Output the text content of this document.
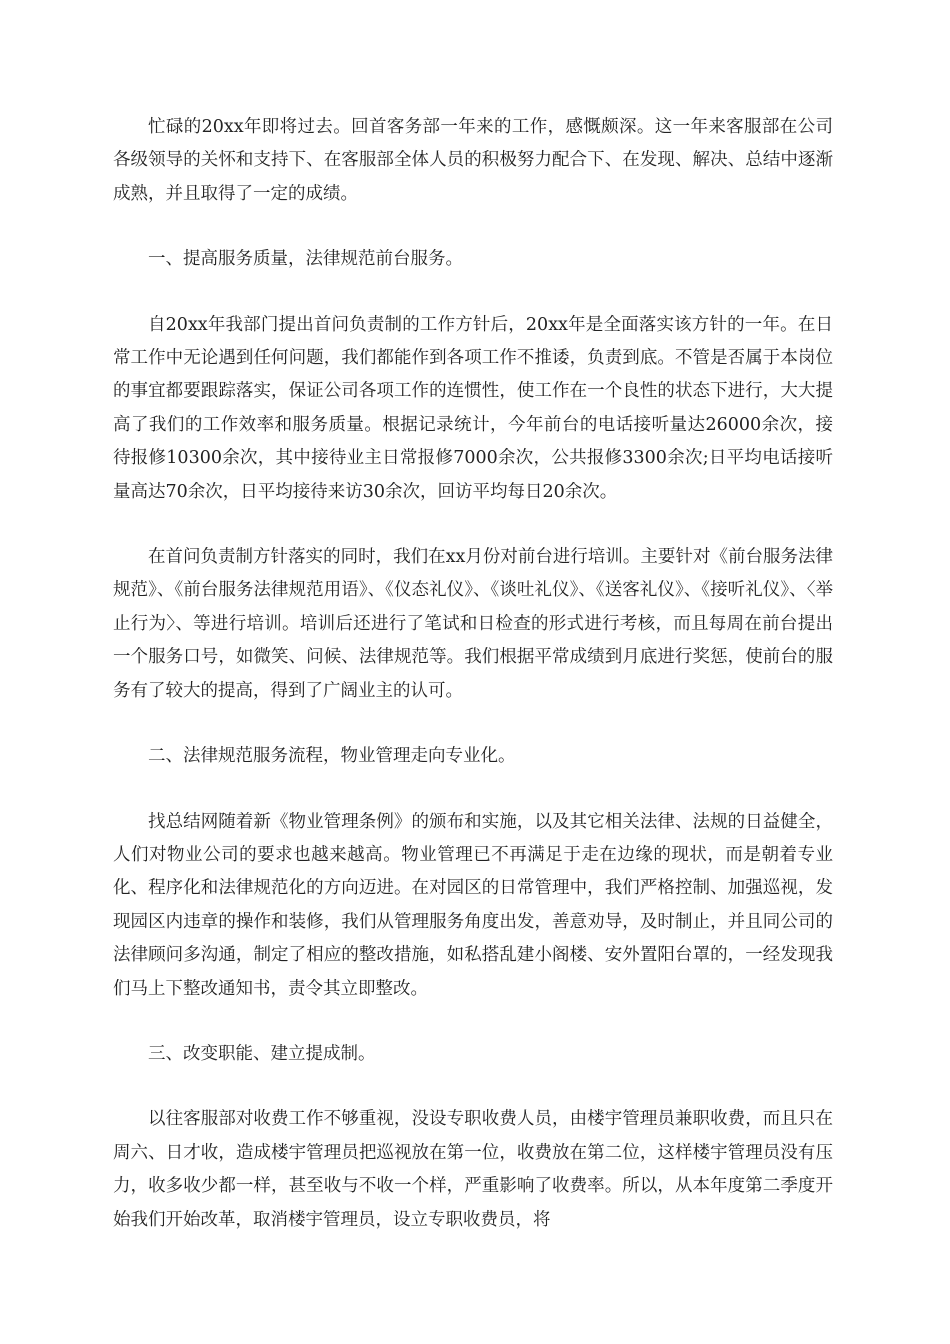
忙碌的20xx年即将过去。回首客务部一年来的工作，感慨颇深。这一年来客服部在公司各级领导的关怀和支持下、在客服部全体人员的积极努力配合下、在发现、解决、总结中逐渐成熟，并且取得了一定的成绩。

一、提高服务质量，法律规范前台服务。

自20xx年我部门提出首问负责制的工作方针后，20xx年是全面落实该方针的一年。在日常工作中无论遇到任何问题，我们都能作到各项工作不推诿，负责到底。不管是否属于本岗位的事宜都要跟踪落实，保证公司各项工作的连惯性，使工作在一个良性的状态下进行，大大提高了我们的工作效率和服务质量。根据记录统计，今年前台的电话接听量达26000余次，接待报修10300余次，其中接待业主日常报修7000余次，公共报修3300余次;日平均电话接听量高达70余次，日平均接待来访30余次，回访平均每日20余次。

在首问负责制方针落实的同时，我们在xx月份对前台进行培训。主要针对《前台服务法律规范》、《前台服务法律规范用语》、《仪态礼仪》、《谈吐礼仪》、《送客礼仪》、《接听礼仪》、〈举止行为〉、等进行培训。培训后还进行了笔试和日检查的形式进行考核，而且每周在前台提出一个服务口号，如微笑、问候、法律规范等。我们根据平常成绩到月底进行奖惩，使前台的服务有了较大的提高，得到了广阔业主的认可。

二、法律规范服务流程，物业管理走向专业化。

找总结网随着新《物业管理条例》的颁布和实施，以及其它相关法律、法规的日益健全，人们对物业公司的要求也越来越高。物业管理已不再满足于走在边缘的现状，而是朝着专业化、程序化和法律规范化的方向迈进。在对园区的日常管理中，我们严格控制、加强巡视，发现园区内违章的操作和装修，我们从管理服务角度出发，善意劝导，及时制止，并且同公司的法律顾问多沟通，制定了相应的整改措施，如私搭乱建小阁楼、安外置阳台罩的，一经发现我们马上下整改通知书，责令其立即整改。

三、改变职能、建立提成制。

以往客服部对收费工作不够重视，没设专职收费人员，由楼宇管理员兼职收费，而且只在周六、日才收，造成楼宇管理员把巡视放在第一位，收费放在第二位，这样楼宇管理员没有压力，收多收少都一样，甚至收与不收一个样，严重影响了收费率。所以，从本年度第二季度开始我们开始改革，取消楼宇管理员，设立专职收费员，将
